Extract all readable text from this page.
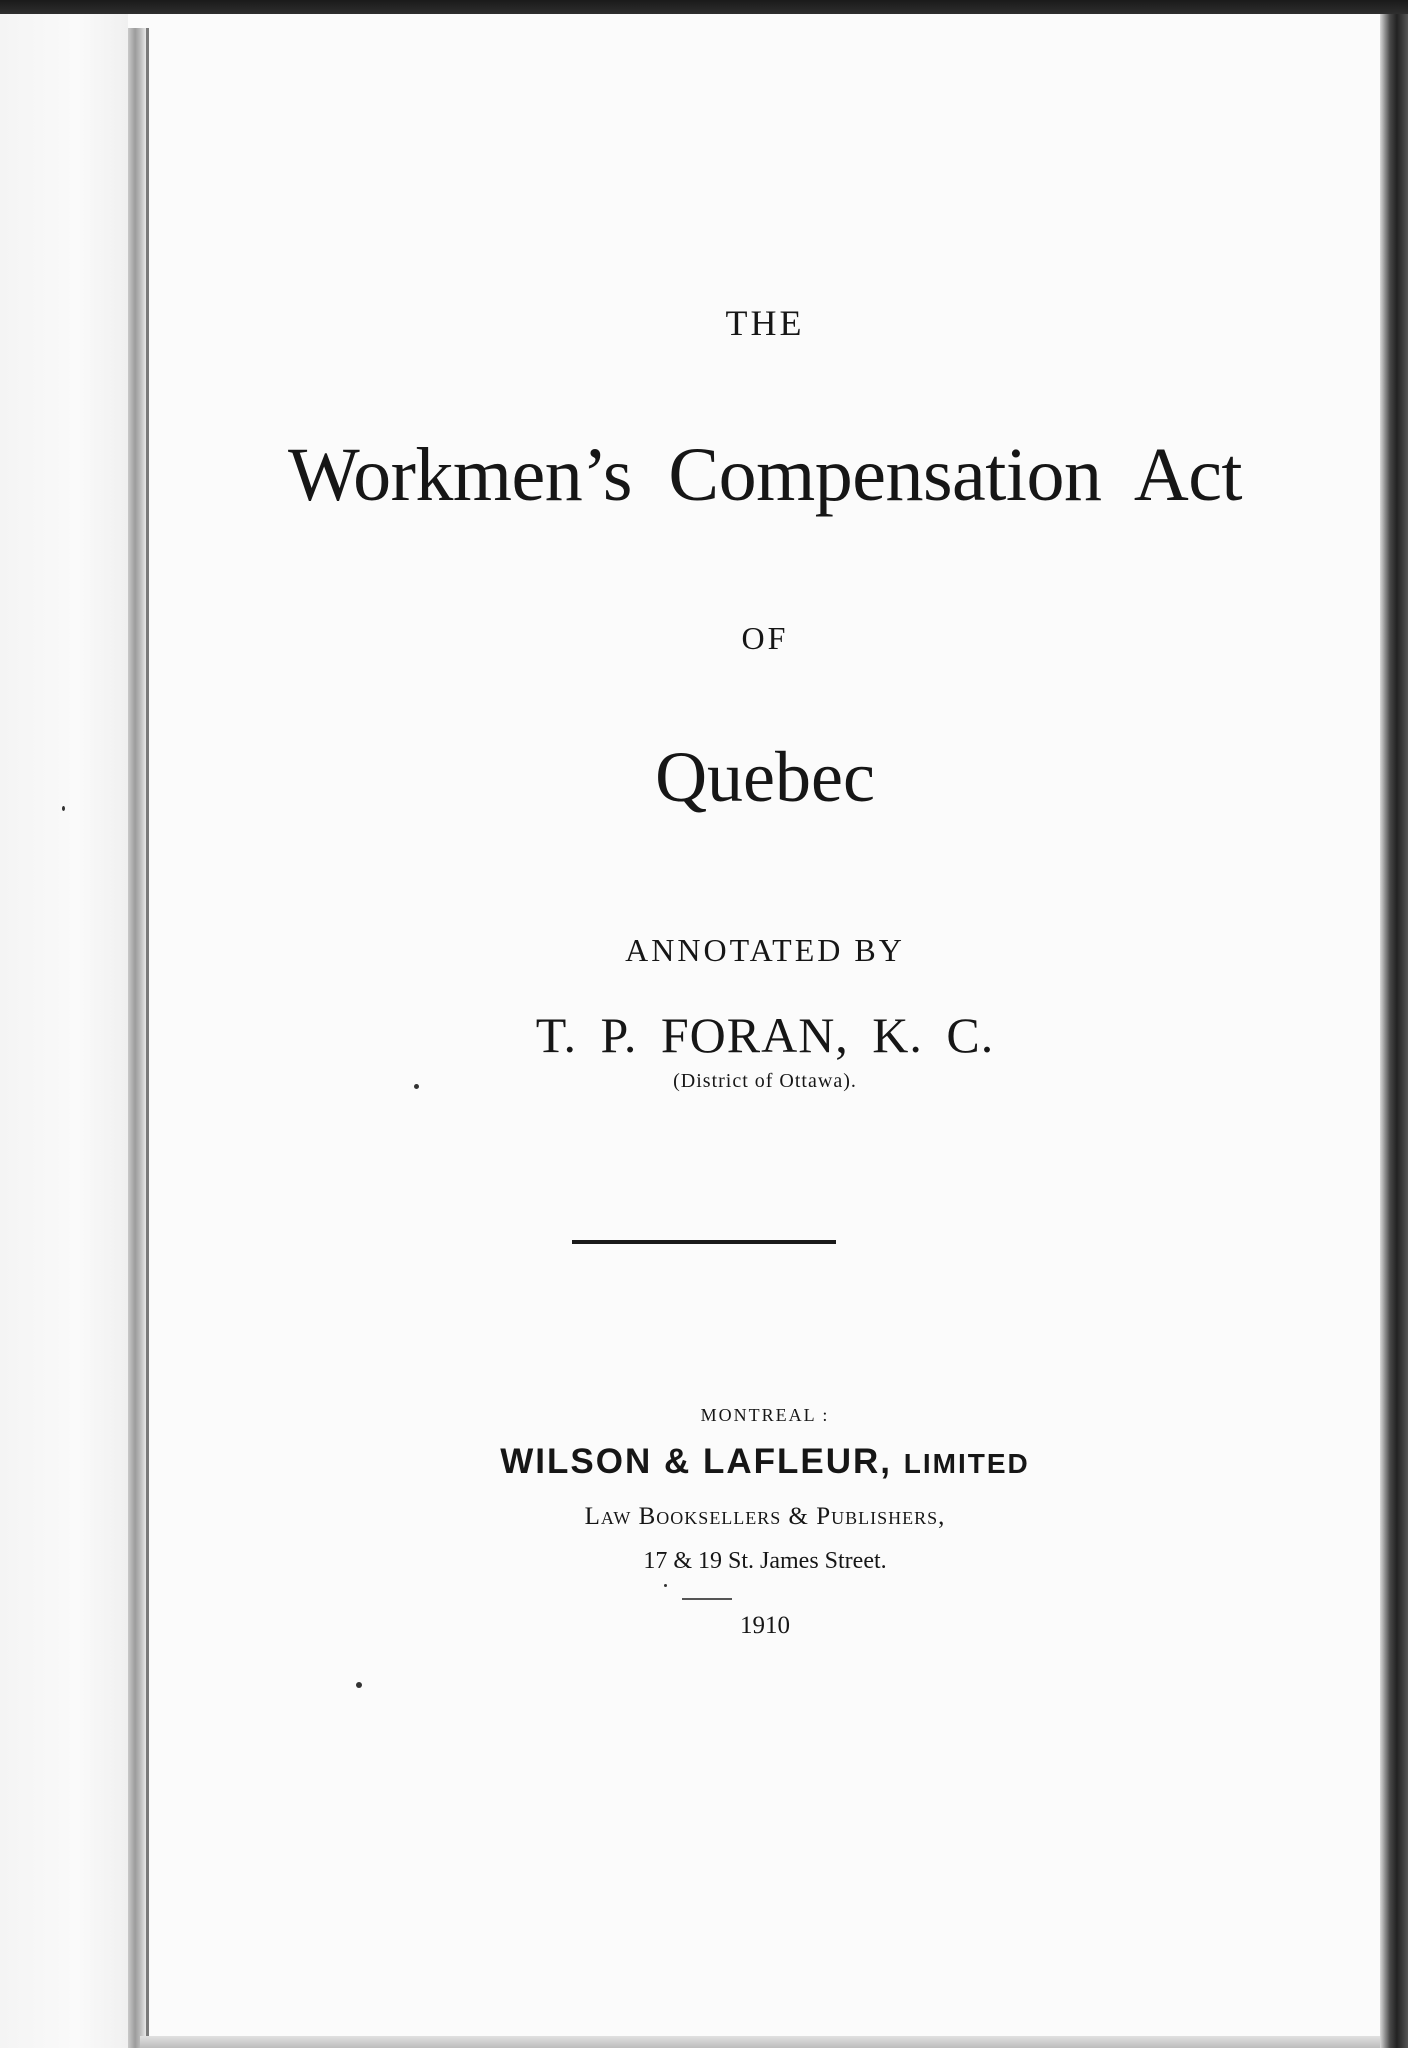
THE
Workmen’s Compensation Act
OF
Quebec
ANNOTATED BY
T. P. FORAN, K. C.
(District of Ottawa).
MONTREAL :
WILSON & LAFLEUR, LIMITED
Law Booksellers & Publishers,
17 & 19 St. James Street.
1910
